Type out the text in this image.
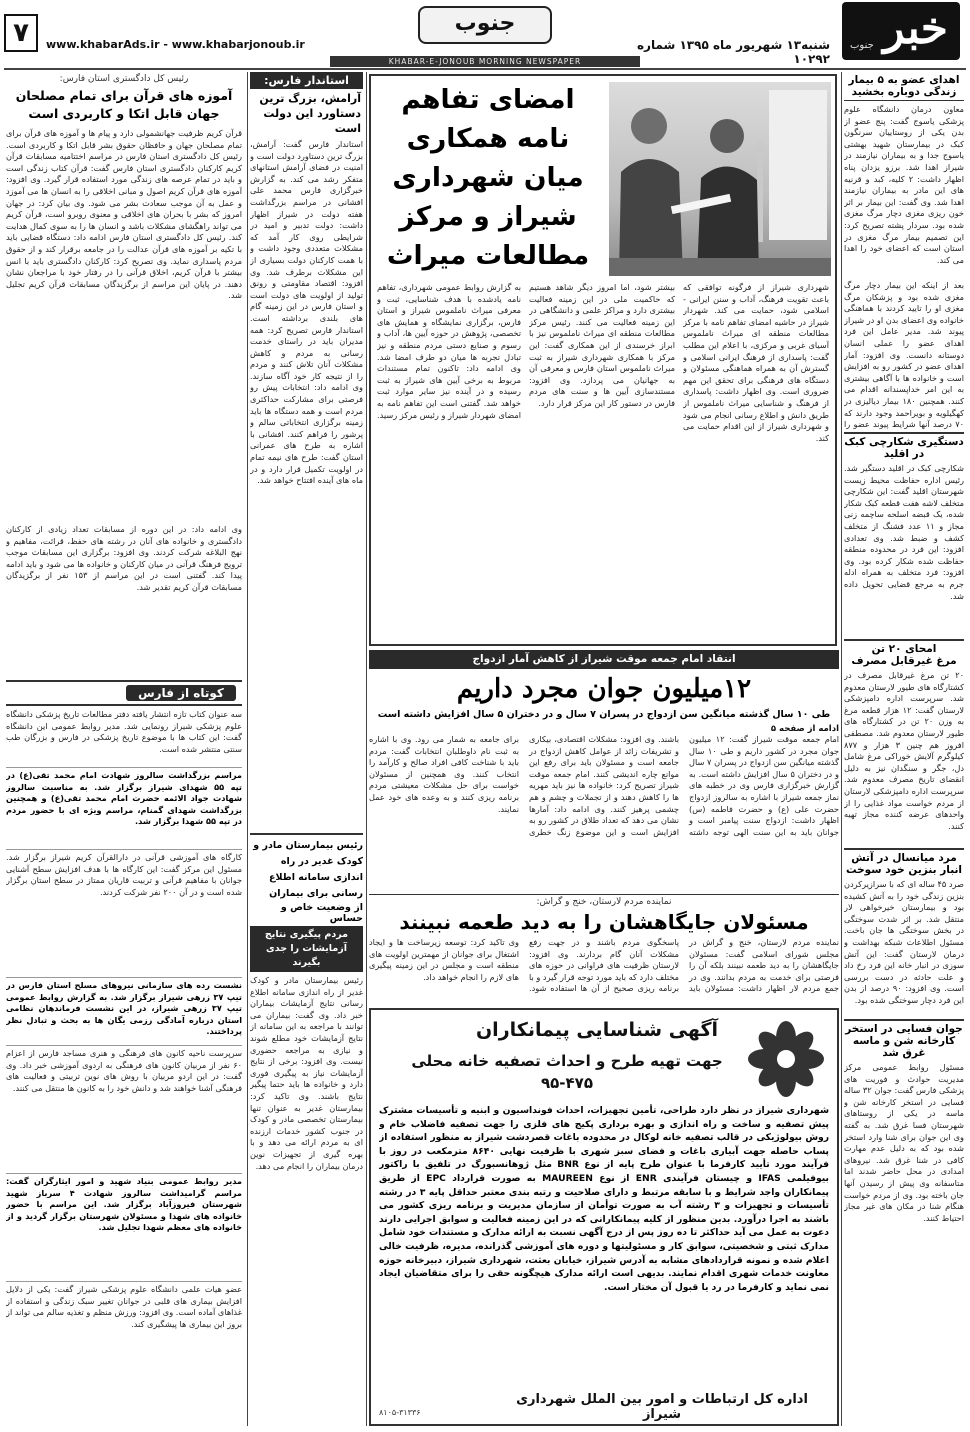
خبر
جنوب
شنبه۱۳ شهریور ماه ۱۳۹۵ شماره ۱۰۲۹۲
جنوب
www.khabarAds.ir - www.khabarjonoub.ir
۷
KHABAR-E-JONOUB MORNING NEWSPAPER
اهدای عضو به ۵ بیمار
زندگی دوباره بخشید
معاون درمان دانشگاه علوم پزشکی یاسوج گفت: پنج عضو از بدن یکی از روستاییان سرنگون کبک در بیمارستان شهید بهشتی یاسوج جدا و به بیماران نیازمند در شیراز اهدا شد. برزو یزدان پناه اظهار داشت: ۲ کلیه، کبد و قرنیه های این مادر به بیماران نیازمند اهدا شد. وی گفت: این بیمار بر اثر خون ریزی مغزی دچار مرگ مغزی شده بود. سردار پشته تصریح کرد: این تصمیم بیمار مرگ مغزی در استان است که اعضای خود را اهدا می کند.
بعد از اینکه این بیمار دچار مرگ مغزی شده بود و پزشکان مرگ مغزی او را تایید کردند با هماهنگی خانواده وی اعضای بدن او در شیراز پیوند شد. مدیر عامل این فرد اهدای عضو را عملی انسان دوستانه دانست. وی افزود: آمار اهدای عضو در کشور رو به افزایش است و خانواده ها با آگاهی بیشتری به این امر خداپسندانه اقدام می کنند. همچنین ۱۸۰ بیمار دیالیزی در کهگیلویه و بویراحمد وجود دارند که ۷۰ درصد آنها شرایط پیوند عضو را
دستگیری شکارچی کبک
در اقلید
شکارچی کبک در اقلید دستگیر شد. رئیس اداره حفاظت محیط زیست شهرستان اقلید گفت: این شکارچی متخلف لاشه هفت قطعه کبک شکار شده، یک قبضه اسلحه ساچمه زنی مجاز و ۱۱ عدد فشنگ از متخلف کشف و ضبط شد. وی تعدادی افزود: این فرد در محدوده منطقه حفاظت شده شکار کرده بود. وی افزود: فرد متخلف به همراه ادله جرم به مرجع قضایی تحویل داده شد.
امحای ۲۰ تن
مرغ غیرقابل مصرف
۲۰ تن مرغ غیرقابل مصرف در کشتارگاه های طیور لارستان معدوم شد. سرپرست اداره دامپزشکی لارستان گفت: ۱۲ هزار قطعه مرغ به وزن ۲۰ تن در کشتارگاه های طیور لارستان معدوم شد. مصطفی افروز هم چنین ۳ هزار و ۸۷۷ کیلوگرم آلایش خوراکی مرغ شامل دل، جگر و سنگدان نیز به دلیل انقضای تاریخ مصرف معدوم شد. سرپرست اداره دامپزشکی لارستان از مردم خواست مواد غذایی را از واحدهای عرضه کننده مجاز تهیه کنند.
مرد میانسال در آتش
انبار بنزین خود سوخت
صرد ۴۵ ساله ای که با سرازیرکردن بنزین زندگی خود را به آتش کشیده بود و بیمارستان خیرخواهی لار منتقل شد. بر اثر شدت سوختگی در بخش سوختگی ها جان باخت. مسئول اطلاعات شبکه بهداشت و درمان لارستان گفت: این آتش سوزی در انبار خانه این فرد رخ داد و علت حادثه در دست بررسی است. وی افزود: ۹۰ درصد از بدن این فرد دچار سوختگی شده بود.
جوان فسایی در استخر
کارخانه شن و ماسه غرق شد
مسئول روابط عمومی مرکز مدیریت حوادث و فوریت های پزشکی فارس گفت: جوان ۳۲ ساله فسایی در استخر کارخانه شن و ماسه در یکی از روستاهای شهرستان فسا غرق شد. به گفته وی این جوان برای شنا وارد استخر شده بود که به دلیل عدم مهارت کافی در شنا غرق شد. نیروهای امدادی در محل حاضر شدند اما متاسفانه وی پیش از رسیدن آنها جان باخته بود. وی از مردم خواست هنگام شنا در مکان های غیر مجاز احتیاط کنند.
امضای تفاهم نامه همکاری میان شهرداری شیراز و مرکز مطالعات میراث
شهرداری شیراز از فرگونه توافقی که باعث تقویت فرهنگ، آداب و سنن ایرانی - اسلامی شود، حمایت می کند. شهردار شیراز در حاشیه امضای تفاهم نامه با مرکز مطالعات منطقه ای میراث ناملموس آسیای غربی و مرکزی، با اعلام این مطلب گفت: پاسداری از فرهنگ ایرانی اسلامی و گسترش آن به همراه هماهنگی مسئولان و دستگاه های فرهنگی برای تحقق این مهم ضروری است. وی اظهار داشت: پاسداری از فرهنگ و شناسایی میراث ناملموس از طریق دانش و اطلاع رسانی انجام می شود و شهرداری شیراز از این اقدام حمایت می کند.
بیشتر شود، اما امروز دیگر شاهد هستیم که حاکمیت ملی در این زمینه فعالیت بیشتری دارد و مراکز علمی و دانشگاهی در این زمینه فعالیت می کنند. رئیس مرکز مطالعات منطقه ای میراث ناملموس نیز با ابراز خرسندی از این همکاری گفت: این مرکز با همکاری شهرداری شیراز به ثبت میراث ناملموس استان فارس و معرفی آن به جهانیان می پردازد. وی افزود: مستندسازی آیین ها و سنت های مردم فارس در دستور کار این مرکز قرار دارد.
به گزارش روابط عمومی شهرداری، تفاهم نامه یادشده با هدف شناسایی، ثبت و معرفی میراث ناملموس شیراز و استان فارس، برگزاری نمایشگاه و همایش های تخصصی، پژوهش در حوزه آیین ها، آداب و رسوم و صنایع دستی مردم منطقه و نیز تبادل تجربه ها میان دو طرف امضا شد. وی ادامه داد: تاکنون تمام مستندات مربوط به برخی آیین های شیراز به ثبت رسیده و در آینده نیز سایر موارد ثبت خواهد شد. گفتنی است این تفاهم نامه به امضای شهردار شیراز و رئیس مرکز رسید.
استاندار فارس:
آرامش، بزرگ ترین دستاورد این دولت است
استاندار فارس گفت: آرامش، بزرگ ترین دستاورد دولت است و امنیت در فضای آرامش استانهای متفکر رشد می کند. به گزارش خبرگزاری فارس محمد علی افشانی در مراسم بزرگداشت هفته دولت در شیراز اظهار داشت: دولت تدبیر و امید در شرایطی روی کار آمد که مشکلات متعددی وجود داشت و با همت کارکنان دولت بسیاری از این مشکلات برطرف شد. وی افزود: اقتصاد مقاومتی و رونق تولید از اولویت های دولت است و استان فارس در این زمینه گام های بلندی برداشته است. استاندار فارس تصریح کرد: همه مدیران باید در راستای خدمت رسانی به مردم و کاهش مشکلات آنان تلاش کنند و مردم را از نتیجه کار خود آگاه سازند. وی ادامه داد: انتخابات پیش رو فرصتی برای مشارکت حداکثری مردم است و همه دستگاه ها باید زمینه برگزاری انتخاباتی سالم و پرشور را فراهم کنند. افشانی با اشاره به طرح های عمرانی استان گفت: طرح های نیمه تمام در اولویت تکمیل قرار دارد و در ماه های آینده افتتاح خواهد شد.
رئیس بیمارستان مادر و کودک غدیر در راه اندازی سامانه اطلاع رسانی برای بیماران
از وضعیت خاص و حساس
مردم پیگیری نتایج آزمایشات را جدی بگیرند
رئیس بیمارستان مادر و کودک غدیر از راه اندازی سامانه اطلاع رسانی نتایج آزمایشات بیماران خبر داد. وی گفت: بیماران می توانند با مراجعه به این سامانه از نتایج آزمایشات خود مطلع شوند و نیازی به مراجعه حضوری نیست. وی افزود: برخی از نتایج آزمایشات نیاز به پیگیری فوری دارد و خانواده ها باید حتما پیگیر نتایج باشند. وی تاکید کرد: بیمارستان غدیر به عنوان تنها بیمارستان تخصصی مادر و کودک در جنوب کشور خدمات ارزنده ای به مردم ارائه می دهد و با بهره گیری از تجهیزات نوین درمان بیماران را انجام می دهد.
رئیس کل دادگستری استان فارس:
آموزه های قرآن برای تمام مصلحان جهان قابل اتکا و کاربردی است
قرآن کریم ظرفیت جهانشمولی دارد و پیام ها و آموزه های قرآن برای تمام مصلحان جهان و حافظان حقوق بشر قابل اتکا و کاربردی است. رئیس کل دادگستری استان فارس در مراسم اختتامیه مسابقات قرآن کریم کارکنان دادگستری استان فارس گفت: قرآن کتاب زندگی است و باید در تمام عرصه های زندگی مورد استفاده قرار گیرد. وی افزود: آموزه های قرآن کریم اصول و مبانی اخلاقی را به انسان ها می آموزد و عمل به آن موجب سعادت بشر می شود. وی بیان کرد: در جهان امروز که بشر با بحران های اخلاقی و معنوی روبرو است، قرآن کریم می تواند راهگشای مشکلات باشد و انسان ها را به سوی کمال هدایت کند. رئیس کل دادگستری استان فارس ادامه داد: دستگاه قضایی باید با تکیه بر آموزه های قرآن عدالت را در جامعه برقرار کند و از حقوق مردم پاسداری نماید. وی تصریح کرد: کارکنان دادگستری باید با انس بیشتر با قرآن کریم، اخلاق قرآنی را در رفتار خود با مراجعان نشان دهند. در پایان این مراسم از برگزیدگان مسابقات قرآن کریم تجلیل شد.
وی ادامه داد: در این دوره از مسابقات تعداد زیادی از کارکنان دادگستری و خانواده های آنان در رشته های حفظ، قرائت، مفاهیم و نهج البلاغه شرکت کردند. وی افزود: برگزاری این مسابقات موجب ترویج فرهنگ قرآنی در میان کارکنان و خانواده ها می شود و باید ادامه پیدا کند. گفتنی است در این مراسم از ۱۵۳ نفر از برگزیدگان مسابقات قرآن کریم تقدیر شد.
کوتاه از فارس
سه عنوان کتاب تازه انتشار یافته دفتر مطالعات تاریخ پزشکی دانشگاه علوم پزشکی شیراز رونمایی شد. مدیر روابط عمومی این دانشگاه گفت: این کتاب ها با موضوع تاریخ پزشکی در فارس و بزرگان طب سنتی منتشر شده است.
مراسم بزرگداشت سالروز شهادت امام محمد تقی(ع) در تپه ۵۵ شهدای شیراز برگزار شد. به مناسبت سالروز شهادت جواد الائمه حضرت امام محمد تقی(ع) و همچنین بزرگداشت شهدای گمنام، مراسم ویژه ای با حضور مردم در تپه ۵۵ شهدا برگزار شد.
کارگاه های آموزشی قرآنی در دارالقرآن کریم شیراز برگزار شد. مسئول این مرکز گفت: این کارگاه ها با هدف افزایش سطح آشنایی جوانان با مفاهیم قرآنی و تربیت قاریان ممتاز در سطح استان برگزار شده است و در آن ۲۰۰ نفر شرکت کردند.
نشست رده های سازمانی نیروهای مسلح استان فارس در تیپ ۳۷ زرهی شیراز برگزار شد. به گزارش روابط عمومی تیپ ۳۷ زرهی شیراز، در این نشست فرماندهان نظامی استان درباره آمادگی رزمی یگان ها به بحث و تبادل نظر پرداختند.
سرپرست ناحیه کانون های فرهنگی و هنری مساجد فارس از اعزام ۶۰ نفر از مربیان کانون های فرهنگی به اردوی آموزشی خبر داد. وی گفت: در این اردو مربیان با روش های نوین تربیتی و فعالیت های فرهنگی آشنا خواهند شد و دانش خود را به کانون ها منتقل می کنند.
مدیر روابط عمومی بنیاد شهید و امور ایثارگران گفت: مراسم گرامیداشت سالروز شهادت ۴ سرباز شهید شهرستان فیروزآباد برگزار شد. این مراسم با حضور خانواده های شهدا و مسئولان شهرستان برگزار گردید و از خانواده های معظم شهدا تجلیل شد.
عضو هیات علمی دانشگاه علوم پزشکی شیراز گفت: یکی از دلایل افزایش بیماری های قلبی در جوانان تغییر سبک زندگی و استفاده از غذاهای آماده است. وی افزود: ورزش منظم و تغذیه سالم می تواند از بروز این بیماری ها پیشگیری کند.
انتقاد امام جمعه موقت شیراز از کاهش آمار ازدواج
۱۲میلیون جوان مجرد داریم
طی ۱۰ سال گذشته میانگین سن ازدواج در پسران ۷ سال و در دختران ۵ سال افزایش داشته است
ادامه از صفحه ۵
امام جمعه موقت شیراز گفت: ۱۲ میلیون جوان مجرد در کشور داریم و طی ۱۰ سال گذشته میانگین سن ازدواج در پسران ۷ سال و در دختران ۵ سال افزایش داشته است. به گزارش خبرگزاری فارس وی در خطبه های نماز جمعه شیراز با اشاره به سالروز ازدواج حضرت علی (ع) و حضرت فاطمه (س) اظهار داشت: ازدواج سنت پیامبر است و جوانان باید به این سنت الهی توجه داشته باشند. وی افزود: مشکلات اقتصادی، بیکاری و تشریفات زائد از عوامل کاهش ازدواج در جامعه است و مسئولان باید برای رفع این موانع چاره اندیشی کنند. امام جمعه موقت شیراز تصریح کرد: خانواده ها نیز باید مهریه ها را کاهش دهند و از تجملات و چشم و هم چشمی پرهیز کنند. وی ادامه داد: آمارها نشان می دهد که تعداد طلاق در کشور رو به افزایش است و این موضوع زنگ خطری برای جامعه به شمار می رود. وی با اشاره به ثبت نام داوطلبان انتخابات گفت: مردم باید با شناخت کافی افراد صالح و کارآمد را انتخاب کنند. وی همچنین از مسئولان خواست برای حل مشکلات معیشتی مردم برنامه ریزی کنند و به وعده های خود عمل نمایند.
نماینده مردم لارستان، خنج و گراش:
مسئولان جایگاهشان را به دید طعمه نبینند
نماینده مردم لارستان، خنج و گراش در مجلس شورای اسلامی گفت: مسئولان جایگاهشان را به دید طعمه نبینند بلکه آن را فرصتی برای خدمت به مردم بدانند. وی در جمع مردم لار اظهار داشت: مسئولان باید پاسخگوی مردم باشند و در جهت رفع مشکلات آنان گام بردارند. وی افزود: لارستان ظرفیت های فراوانی در حوزه های مختلف دارد که باید مورد توجه قرار گیرد و با برنامه ریزی صحیح از آن ها استفاده شود. وی تاکید کرد: توسعه زیرساخت ها و ایجاد اشتغال برای جوانان از مهمترین اولویت های منطقه است و مجلس در این زمینه پیگیری های لازم را انجام خواهد داد.
آگهی شناسایی پیمانکاران
جهت تهیه طرح و احداث تصفیه خانه محلی ۴۷۵-۹۵
شهرداری شیراز در نظر دارد طراحی، تأمین تجهیزات، احداث فونداسیون و ابنیه و تأسیسات مشترک پیش تصفیه و ساخت و راه اندازی و بهره برداری پکیج های فلزی را جهت تصفیه فاضلاب خام و روش بیولوژیکی در قالب تصفیه خانه لوکال در محدوده باغات قصردشت شیراز به منظور استفاده از پساب حاصله جهت آبیاری باغات و فضای سبز شهری با ظرفیت نهایی ۸۶۴۰ مترمکعب در روز با فرآیند مورد تأیید کارفرما با عنوان طرح پایه از نوع BNR مثل ژوهانسبورگ در تلفیق با راکتور بیوفیلمی IFAS و چیستان فرآیندی ENR از نوع MAUREEN به صورت قرارداد EPC از طریق پیمانکاران واجد شرایط و با سابقه مرتبط و دارای صلاحیت و رتبه بندی معتبر حداقل پایه ۳ در رشته تأسیسات و تجهیزات و ۳ رشته آب به صورت توأمان از سازمان مدیریت و برنامه ریزی کشور می باشند به اجرا درآورد. بدین منظور از کلیه پیمانکارانی که در این زمینه فعالیت و سوابق اجرایی دارند دعوت به عمل می آید حداکثر تا ده روز پس از درج آگهی نسبت به ارائه مدارک و مستندات خود شامل مدارک ثبتی و شخصیتی، سوابق کار و مسئولیتها و دوره های آموزشی گذرانده، مدیره، ظرفیت خالی اعلام شده و نمونه قراردادهای مشابه به آدرس شیراز، خیابان بعثت، شهرداری شیراز، دبیرخانه حوزه معاونت خدمات شهری اقدام نمایند. بدیهی است ارائه مدارک هیچگونه حقی را برای متقاضیان ایجاد نمی نماید و کارفرما در رد یا قبول آن مختار است.
اداره کل ارتباطات و امور بین الملل شهرداری شیراز
۸۱۰۵-۳۱۳۳۶
